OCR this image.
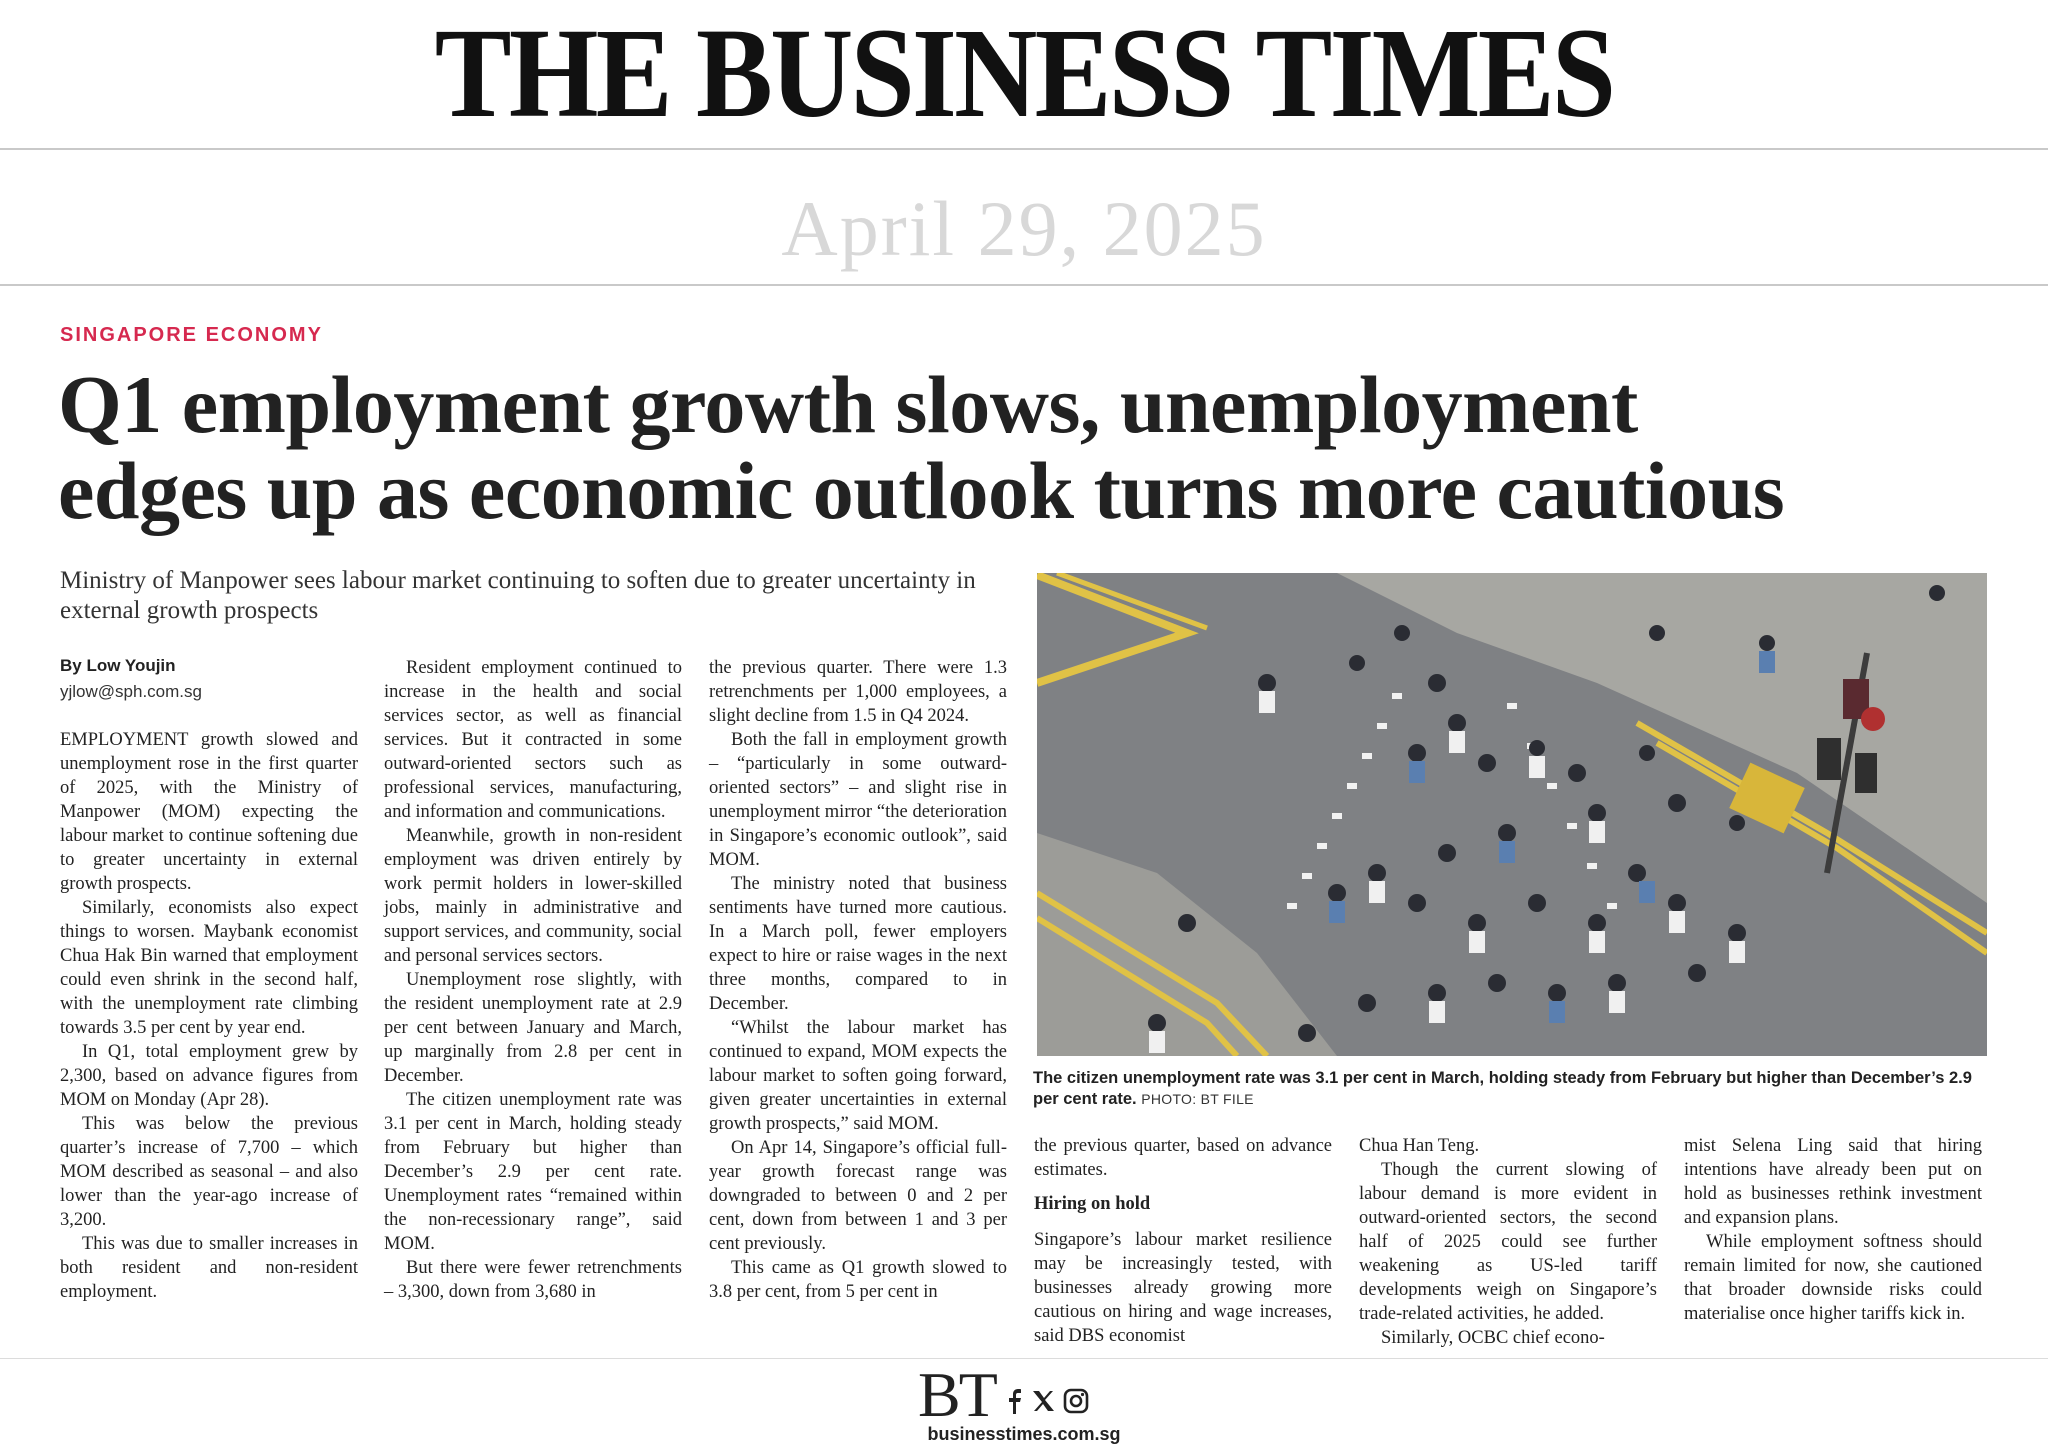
THE BUSINESS TIMES
April 29, 2025
SINGAPORE ECONOMY
Q1 employment growth slows, unemployment
edges up as economic outlook turns more cautious
Ministry of Manpower sees labour market continuing to soften due to greater uncertainty in external growth prospects
By Low Youjin
yjlow@sph.com.sg

EMPLOYMENT growth slowed and unemployment rose in the first quarter of 2025, with the Ministry of Manpower (MOM) expecting the labour market to continue softening due to greater uncertainty in external growth prospects.

Similarly, economists also expect things to worsen. Maybank economist Chua Hak Bin warned that employment could even shrink in the second half, with the unemployment rate climbing towards 3.5 per cent by year end.

In Q1, total employment grew by 2,300, based on advance figures from MOM on Monday (Apr 28).

This was below the previous quarter’s increase of 7,700 – which MOM described as seasonal – and also lower than the year-ago increase of 3,200.

This was due to smaller increases in both resident and non-resident employment.

Resident employment continued to increase in the health and social services sector, as well as financial services. But it contracted in some outward-oriented sectors such as professional services, manufacturing, and information and communications.

Meanwhile, growth in non-resident employment was driven entirely by work permit holders in lower-skilled jobs, mainly in administrative and support services, and community, social and personal services sectors.

Unemployment rose slightly, with the resident unemployment rate at 2.9 per cent between January and March, up marginally from 2.8 per cent in December.

The citizen unemployment rate was 3.1 per cent in March, holding steady from February but higher than December’s 2.9 per cent rate. Unemployment rates “remained within the non-recessionary range”, said MOM.

But there were fewer retrenchments – 3,300, down from 3,680 in

the previous quarter. There were 1.3 retrenchments per 1,000 employees, a slight decline from 1.5 in Q4 2024.

Both the fall in employment growth – “particularly in some outward-oriented sectors” – and slight rise in unemployment mirror “the deterioration in Singapore’s economic outlook”, said MOM.

The ministry noted that business sentiments have turned more cautious. In a March poll, fewer employers expect to hire or raise wages in the next three months, compared to in December.

“Whilst the labour market has continued to expand, MOM expects the labour market to soften going forward, given greater uncertainties in external growth prospects,” said MOM.

On Apr 14, Singapore’s official full-year growth forecast range was downgraded to between 0 and 2 per cent, down from between 1 and 3 per cent previously.

This came as Q1 growth slowed to 3.8 per cent, from 5 per cent in

The citizen unemployment rate was 3.1 per cent in March, holding steady from February but higher than December’s 2.9 per cent rate. PHOTO: BT FILE

the previous quarter, based on advance estimates.

Hiring on hold

Singapore’s labour market resilience may be increasingly tested, with businesses already growing more cautious on hiring and wage increases, said DBS economist

Chua Han Teng.

Though the current slowing of labour demand is more evident in outward-oriented sectors, the second half of 2025 could see further weakening as US-led tariff developments weigh on Singapore’s trade-related activities, he added.

Similarly, OCBC chief econo-

mist Selena Ling said that hiring intentions have already been put on hold as businesses rethink investment and expansion plans.

While employment softness should remain limited for now, she cautioned that broader downside risks could materialise once higher tariffs kick in.

BT
businesstimes.com.sg
